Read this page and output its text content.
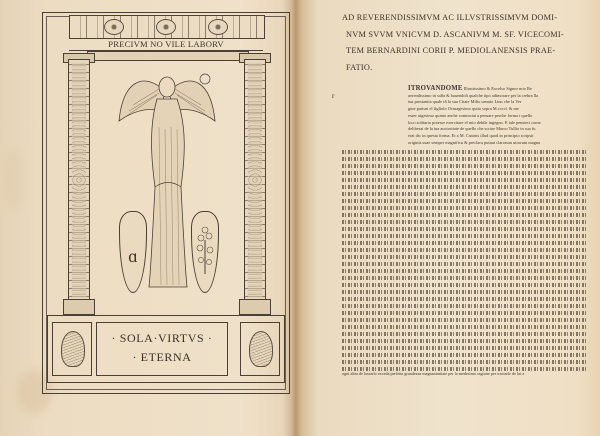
PRECIVM NO VILE LABORV
ɑ
· SOLA·VIRTVS ·
· ETERNA
AD REVERENDISSIMVM AC ILLVSTRISSIMVM DOMI-
NVM SVVM VNICVM D. ASCANIVM M. SF. VICECOMI-
TEM BERNARDINI CORII P. MEDIOLANENSIS PRAE-
FATIO.
r
ITROVANDOME Illustrissimo & Excelso Signor mio Re
uerendissimo in salla & hauendoli qualche tipo adimorare per la crebra lla
tua prestantia quale iñ la sua Citate Milio uenuto Lino che la Ver
gine parturi el figliolo Octuagesimo quito sopra M.ccccl. & me
esser uigesimo quinto anche cominciai a pensare perche forma i quello
loco solitario potesse exercitare el mio debile ingegno. E tale pensieri come
deliberai de la tua auctoritate de quello che scriue Marco Tullio in sua fu
erat dic in questa forma. Et a M. Catonis illud quod in principio scripsit
originis suae semper magnificu & preclaru putaui clarorum uirorum magna
ogni altra de lassarlo exceda perfetta grandezza magnanimitate per la medesima cagione per tractarle de lui a
